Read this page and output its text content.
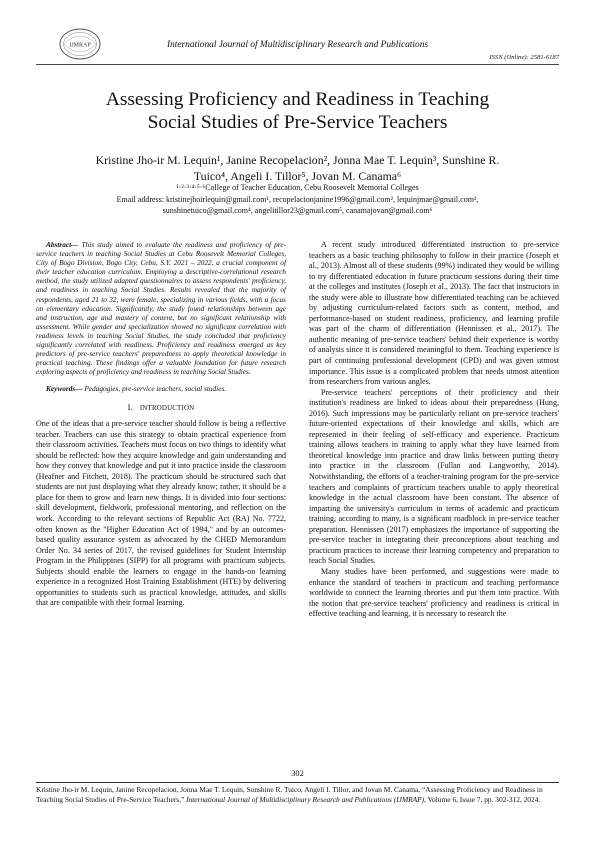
IJMRAP	International Journal of Multidisciplinary Research and Publications
ISSN (Online): 2581-6187
Assessing Proficiency and Readiness in Teaching
Social Studies of Pre-Service Teachers
Kristine Jho-ir M. Lequin¹, Janine Recopelacion², Jonna Mae T. Lequin³, Sunshine R.
Tuico⁴, Angeli I. Tillor⁵, Jovan M. Canama⁶
¹·²·³·⁴·⁵·⁶College of Teacher Education, Cebu Roosevelt Memorial Colleges
Email address: kristinejhoirlequin@gmail.com¹, recopelacionjanine1996@gmail.com², lequinjmae@gmail.com³,
sunshinetuico@gmail.com⁴, angelitillor23@gmail.com⁵, canamajovan@gmail.com⁶

Abstract— This study aimed to evaluate the readiness and proficiency of pre-service teachers in teaching Social Studies at Cebu Roosevelt Memorial Colleges, City of Bogo Division, Bogo City, Cebu, S.Y. 2021 – 2022, a crucial component of their teacher education curriculum. Employing a descriptive-correlational research method, the study utilized adapted questionnaires to assess respondents' proficiency, and readiness in teaching Social Studies. Results revealed that the majority of respondents, aged 21 to 32, were female, specializing in various fields, with a focus on elementary education. Significantly, the study found relationships between age and instruction, age and mastery of content, but no significant relationship with assessment. While gender and specialization showed no significant correlation with readiness levels in teaching Social Studies, the study concluded that proficiency significantly correlated with readiness. Proficiency and readiness emerged as key predictors of pre-service teachers' preparedness to apply theoretical knowledge in practical teaching. These findings offer a valuable foundation for future research exploring aspects of proficiency and readiness in teaching Social Studies.

Keywords— Pedagogies, pre-service teachers, social studies.

I. INTRODUCTION

One of the ideas that a pre-service teacher should follow is being a reflective teacher. Teachers can use this strategy to obtain practical experience from their classroom activities. Teachers must focus on two things to identify what should be reflected: how they acquire knowledge and gain understanding and how they convey that knowledge and put it into practice inside the classroom (Heafner and Fitchett, 2018). The practicum should be structured such that students are not just displaying what they already know; rather, it should be a place for them to grow and learn new things. It is divided into four sections: skill development, fieldwork, professional mentoring, and reflection on the work. According to the relevant sections of Republic Act (RA) No. 7722, often known as the "Higher Education Act of 1994," and by an outcomes-based quality assurance system as advocated by the CHED Memorandum Order No. 34 series of 2017, the revised guidelines for Student Internship Program in the Philippines (SIPP) for all programs with practicum subjects. Subjects should enable the learners to engage in the hands-on learning experience in a recognized Host Training Establishment (HTE) by delivering opportunities to students such as practical knowledge, attitudes, and skills that are compatible with their formal learning.

A recent study introduced differentiated instruction to pre-service teachers as a basic teaching philosophy to follow in their practice (Joseph et al., 2013). Almost all of these students (99%) indicated they would be willing to try differentiated education in future practicum sessions during their time at the colleges and institutes (Joseph et al., 2013). The fact that instructors in the study were able to illustrate how differentiated teaching can be achieved by adjusting curriculum-related factors such as content, method, and performance-based on student readiness, proficiency, and learning profile was part of the charm of differentiation (Hennissen et al., 2017). The authentic meaning of pre-service teachers' behind their experience is worthy of analysis since it is considered meaningful to them. Teaching experience is part of continuing professional development (CPD) and was given utmost importance. This issue is a complicated problem that needs utmost attention from researchers from various angles.

Pre-service teachers' perceptions of their proficiency and their institution's readiness are linked to ideas about their preparedness (Hung, 2016). Such impressions may be particularly reliant on pre-service teachers' future-oriented expectations of their knowledge and skills, which are represented in their feeling of self-efficacy and experience. Practicum training allows teachers in training to apply what they have learned from theoretical knowledge into practice and draw links between putting theory into practice in the classroom (Fullan and Langworthy, 2014). Notwithstanding, the efforts of a teacher-training program for the pre-service teachers and complaints of practicum teachers unable to apply theoretical knowledge in the actual classroom have been constant. The absence of imparting the university's curriculum in terms of academic and practicum training, according to many, is a significant roadblock in pre-service teacher preparation. Hennissen (2017) emphasizes the importance of supporting the pre-service teacher in integrating their preconceptions about teaching and practicum practices to increase their learning competency and preparation to teach Social Studies.

Many studies have been performed, and suggestions were made to enhance the standard of teachers in practicum and teaching performance worldwide to connect the learning theories and put them into practice. With the notion that pre-service teachers' proficiency and readiness is critical in effective teaching and learning, it is necessary to research the

302
Kristine Jho-ir M. Lequin, Janine Recopelacion, Jonna Mae T. Lequin, Sunshine R. Tuico, Angeli I. Tillor, and Jovan M. Canama, “Assessing Proficiency and Readiness in Teaching Social Studies of Pre-Service Teachers,” International Journal of Multidisciplinary Research and Publications (IJMRAP), Volume 6, Issue 7, pp. 302-312, 2024.
